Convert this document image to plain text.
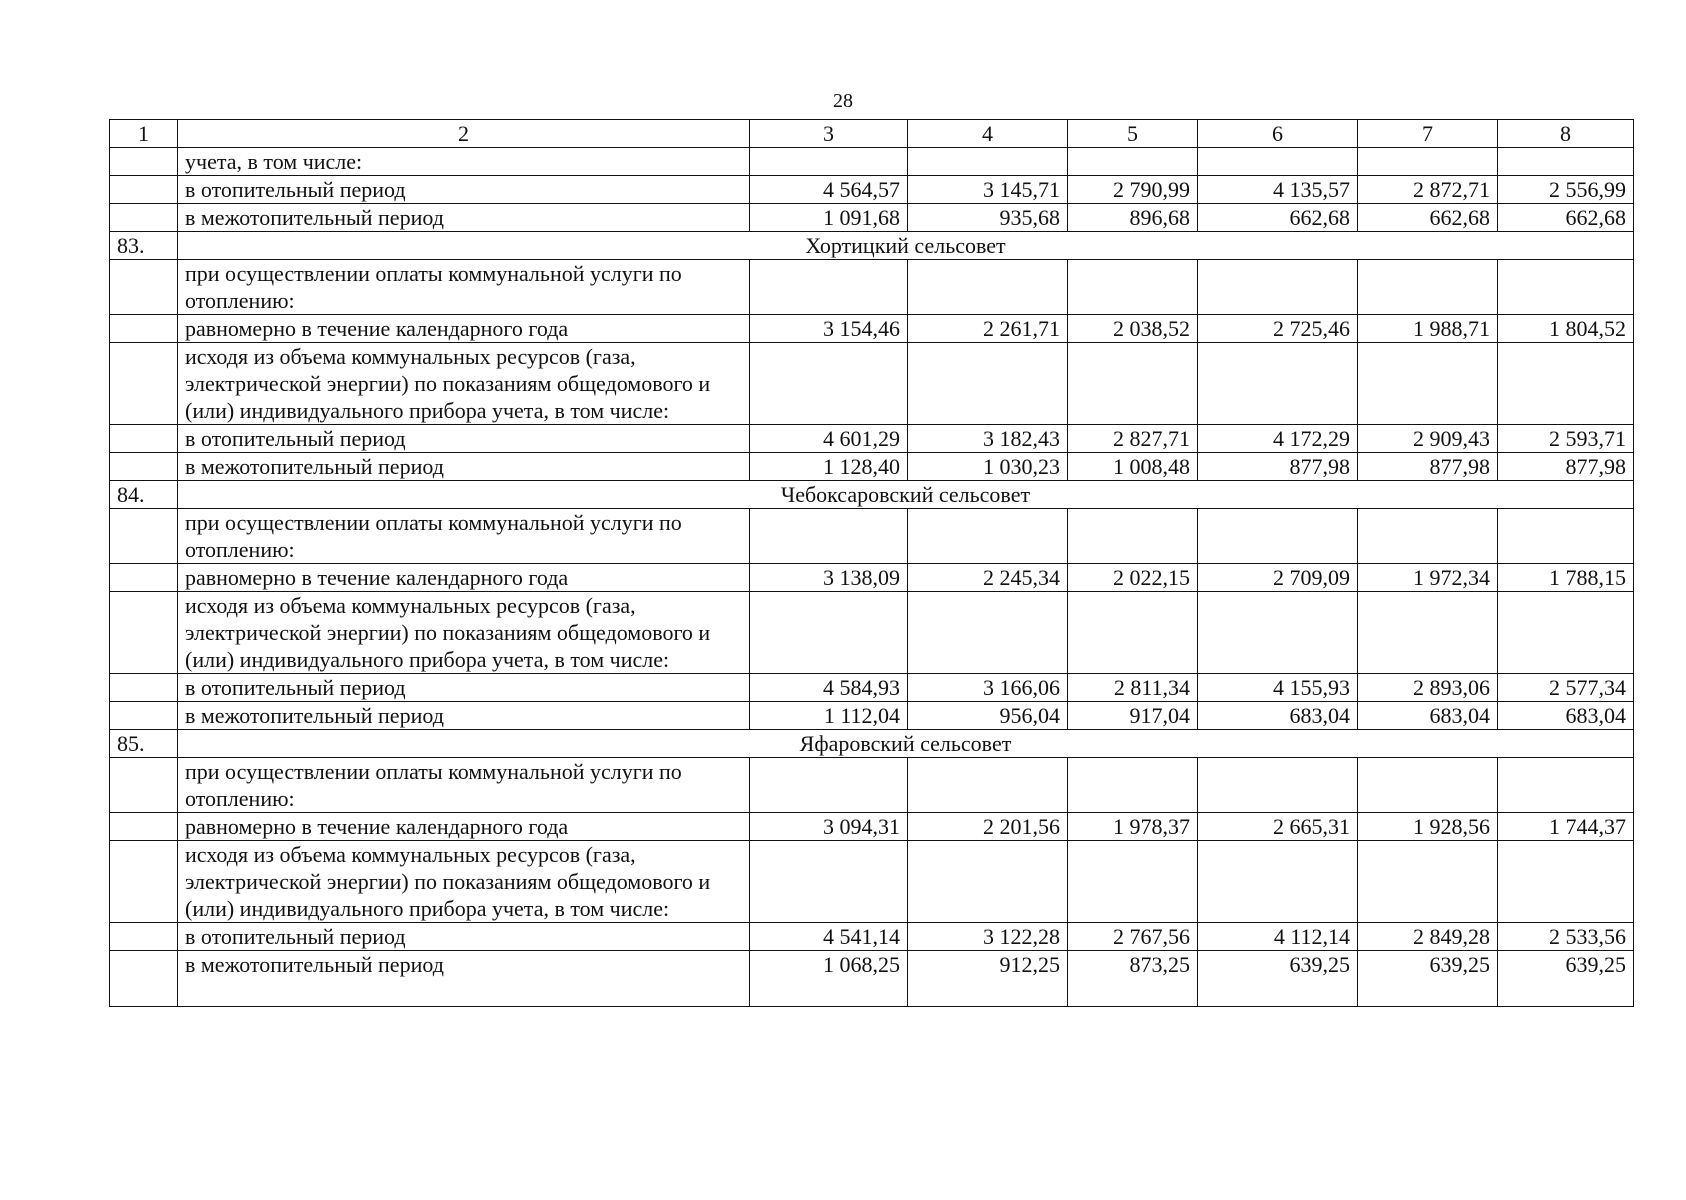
28
1	2	3	4	5	6	7	8
	учета, в том числе:						
	в отопительный период	4 564,57	3 145,71	2 790,99	4 135,57	2 872,71	2 556,99
	в межотопительный период	1 091,68	935,68	896,68	662,68	662,68	662,68
83.	Хортицкий сельсовет						
	при осуществлении оплаты коммунальной услуги по отоплению:						
	равномерно в течение календарного года	3 154,46	2 261,71	2 038,52	2 725,46	1 988,71	1 804,52
	исходя из объема коммунальных ресурсов (газа, электрической энергии) по показаниям общедомового и (или) индивидуального прибора учета, в том числе:						
	в отопительный период	4 601,29	3 182,43	2 827,71	4 172,29	2 909,43	2 593,71
	в межотопительный период	1 128,40	1 030,23	1 008,48	877,98	877,98	877,98
84.	Чебоксаровский сельсовет						
	при осуществлении оплаты коммунальной услуги по отоплению:						
	равномерно в течение календарного года	3 138,09	2 245,34	2 022,15	2 709,09	1 972,34	1 788,15
	исходя из объема коммунальных ресурсов (газа, электрической энергии) по показаниям общедомового и (или) индивидуального прибора учета, в том числе:						
	в отопительный период	4 584,93	3 166,06	2 811,34	4 155,93	2 893,06	2 577,34
	в межотопительный период	1 112,04	956,04	917,04	683,04	683,04	683,04
85.	Яфаровский сельсовет						
	при осуществлении оплаты коммунальной услуги по отоплению:						
	равномерно в течение календарного года	3 094,31	2 201,56	1 978,37	2 665,31	1 928,56	1 744,37
	исходя из объема коммунальных ресурсов (газа, электрической энергии) по показаниям общедомового и (или) индивидуального прибора учета, в том числе:						
	в отопительный период	4 541,14	3 122,28	2 767,56	4 112,14	2 849,28	2 533,56
	в межотопительный период	1 068,25	912,25	873,25	639,25	639,25	639,25
